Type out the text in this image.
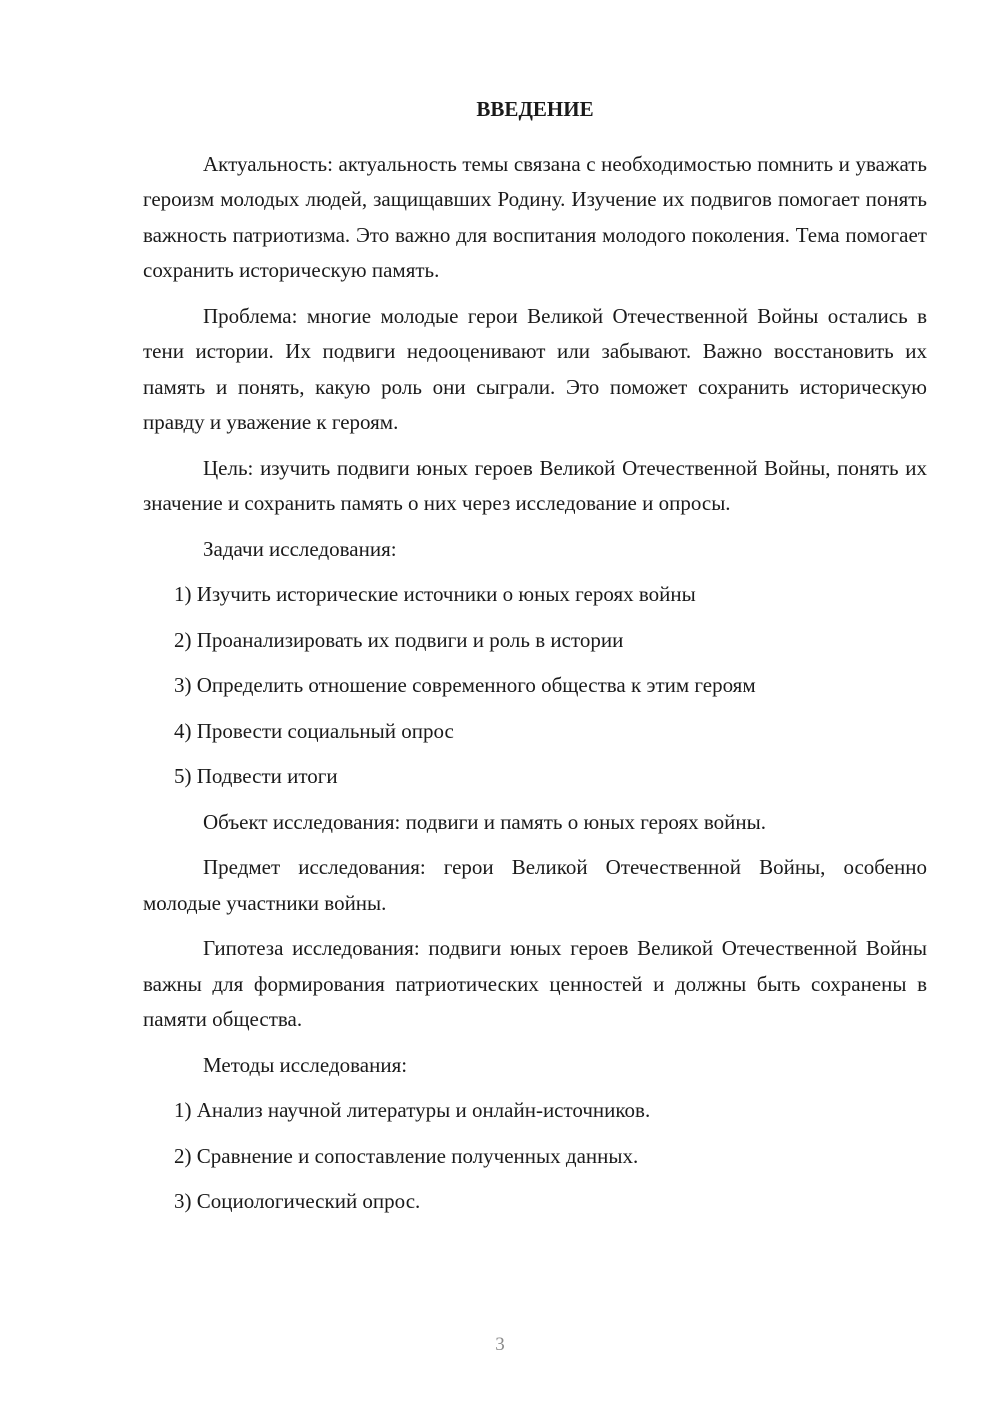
ВВЕДЕНИЕ
Актуальность: актуальность темы связана с необходимостью помнить и уважать героизм молодых людей, защищавших Родину. Изучение их подвигов помогает понять важность патриотизма. Это важно для воспитания молодого поколения. Тема помогает сохранить историческую память.
Проблема: многие молодые герои Великой Отечественной Войны остались в тени истории. Их подвиги недооценивают или забывают. Важно восстановить их память и понять, какую роль они сыграли. Это поможет сохранить историческую правду и уважение к героям.
Цель: изучить подвиги юных героев Великой Отечественной Войны, понять их значение и сохранить память о них через исследование и опросы.
Задачи исследования:
1) Изучить исторические источники о юных героях войны
2) Проанализировать их подвиги и роль в истории
3) Определить отношение современного общества к этим героям
4) Провести социальный опрос
5) Подвести итоги
Объект исследования: подвиги и память о юных героях войны.
Предмет исследования: герои Великой Отечественной Войны, особенно молодые участники войны.
Гипотеза исследования: подвиги юных героев Великой Отечественной Войны важны для формирования патриотических ценностей и должны быть сохранены в памяти общества.
Методы исследования:
1) Анализ научной литературы и онлайн-источников.
2) Сравнение и сопоставление полученных данных.
3) Социологический опрос.
3
